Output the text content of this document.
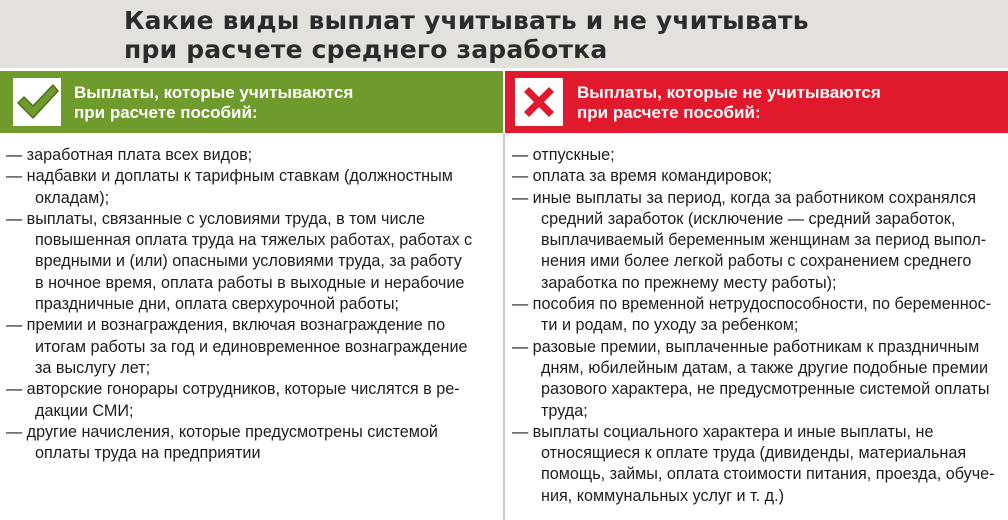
Какие виды выплат учитывать и не учитывать
при расчете среднего заработка
Выплаты, которые учитываются
при расчете пособий:
Выплаты, которые не учитываются
при расчете пособий:
— заработная плата всех видов;
— надбавки и доплаты к тарифным ставкам (должностным
окладам);
— выплаты, связанные с условиями труда, в том числе
повышенная оплата труда на тяжелых работах, работах с
вредными и (или) опасными условиями труда, за работу
в ночное время, оплата работы в выходные и нерабочие
праздничные дни, оплата сверхурочной работы;
— премии и вознаграждения, включая вознаграждение по
итогам работы за год и единовременное вознаграждение
за выслугу лет;
— авторские гонорары сотрудников, которые числятся в ре-
дакции СМИ;
— другие начисления, которые предусмотрены системой
оплаты труда на предприятии
— отпускные;
— оплата за время командировок;
— иные выплаты за период, когда за работником сохранялся
средний заработок (исключение — средний заработок,
выплачиваемый беременным женщинам за период выпол-
нения ими более легкой работы с сохранением среднего
заработка по прежнему месту работы);
— пособия по временной нетрудоспособности, по беременнос-
ти и родам, по уходу за ребенком;
— разовые премии, выплаченные работникам к праздничным
дням, юбилейным датам, а также другие подобные премии
разового характера, не предусмотренные системой оплаты
труда;
— выплаты социального характера и иные выплаты, не
относящиеся к оплате труда (дивиденды, материальная
помощь, займы, оплата стоимости питания, проезда, обуче-
ния, коммунальных услуг и т. д.)
